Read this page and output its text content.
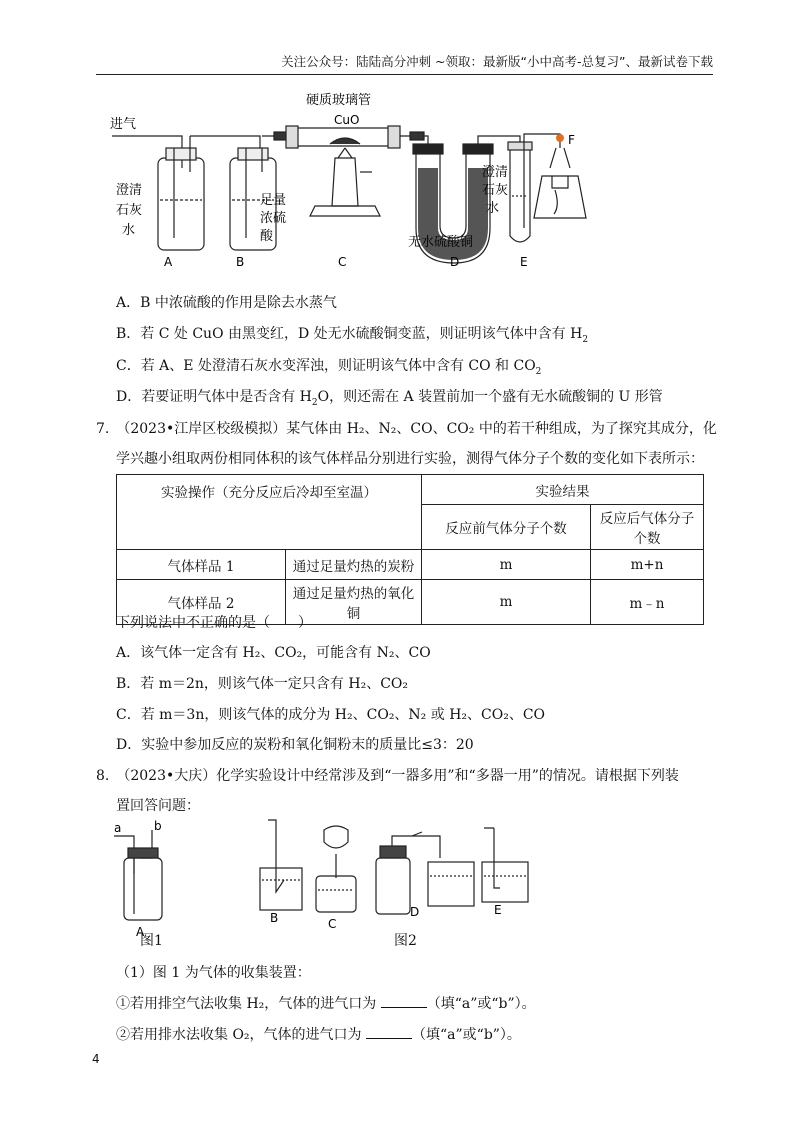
关注公众号：陆陆高分冲刺 ~领取：最新版“小中高考-总复习”、最新试卷下载
进气
硬质玻璃管
CuO
F
澄清
石灰
水
足量
浓硫
酸
澄清
石灰
水
无水硫酸铜
A	B	C	D	E
A．B 中浓硫酸的作用是除去水蒸气
B．若 C 处 CuO 由黑变红，D 处无水硫酸铜变蓝，则证明该气体中含有 $H_2$
C．若 A、E 处澄清石灰水变浑浊，则证明该气体中含有 CO 和 $CO_2$
D．若要证明气体中是否含有 $H_2O$，则还需在 A 装置前加一个盛有无水硫酸铜的 U 形管
7.　（2023•江岸区校级模拟）某气体由 H₂、N₂、CO、CO₂ 中的若干种组成，为了探究其成分，化
学兴趣小组取两份相同体积的该气体样品分别进行实验，测得气体分子个数的变化如下表所示：
实验操作（充分反应后冷却至室温）		实验结果	
		反应前气体分子个数	反应后气体分子个数
气体样品 1	通过足量灼热的炭粉	m	m+n
气体样品 2	通过足量灼热的氧化铜	m	m﹣n
下列说法中不正确的是（　　）
A．该气体一定含有 H₂、CO₂，可能含有 N₂、CO
B．若 m＝2n，则该气体一定只含有 H₂、CO₂
C．若 m＝3n，则该气体的成分为 H₂、CO₂、N₂ 或 H₂、CO₂、CO
D．实验中参加反应的炭粉和氧化铜粉末的质量比≤3：20
8.　（2023•大庆）化学实验设计中经常涉及到“一器多用”和“多器一用”的情况。请根据下列装
置回答问题：
a	b
A
B	C
D	E
图1	图2
（1）图 1 为气体的收集装置：
①若用排空气法收集 H₂，气体的进气口为	（填“a”或“b”）。
②若用排水法收集 O₂，气体的进气口为	（填“a”或“b”）。
4
